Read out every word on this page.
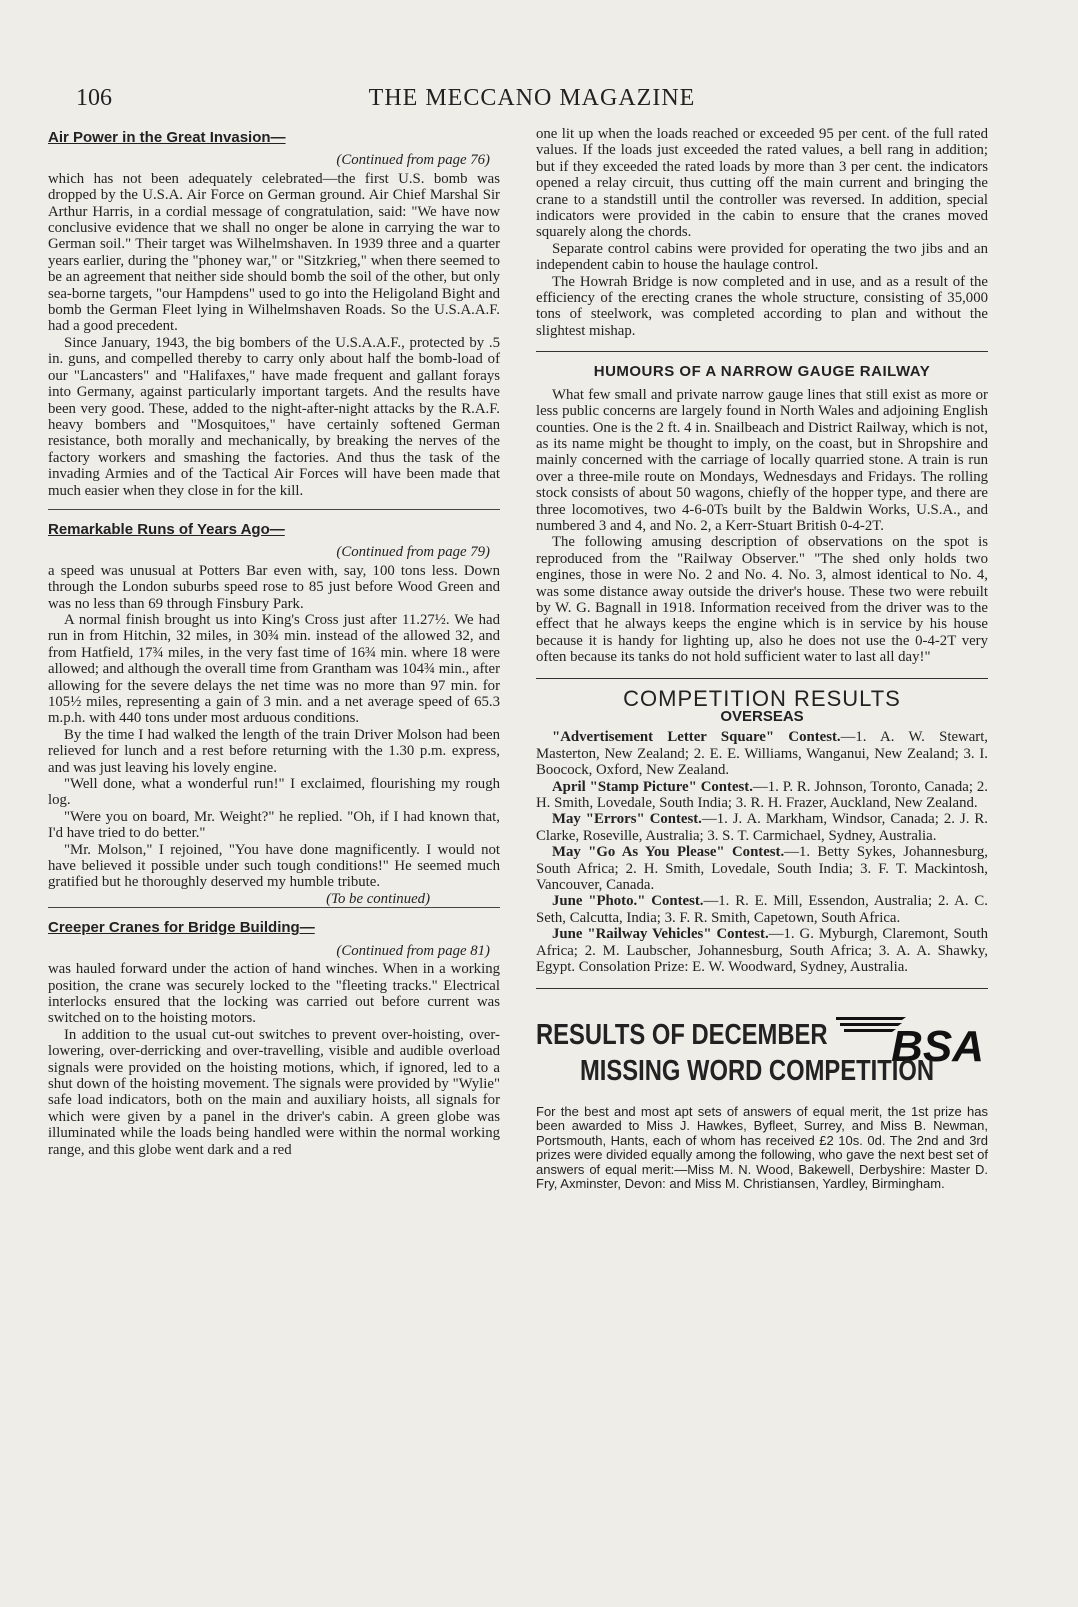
106	THE MECCANO MAGAZINE
Air Power in the Great Invasion—
(Continued from page 76)

which has not been adequately celebrated—the first U.S. bomb was dropped by the U.S.A. Air Force on German ground. Air Chief Marshal Sir Arthur Harris, in a cordial message of congratulation, said: "We have now conclusive evidence that we shall no onger be alone in carrying the war to German soil." Their target was Wilhelmshaven. In 1939 three and a quarter years earlier, during the "phoney war," or "Sitzkrieg," when there seemed to be an agreement that neither side should bomb the soil of the other, but only sea-borne targets, "our Hampdens" used to go into the Heligoland Bight and bomb the German Fleet lying in Wilhelmshaven Roads. So the U.S.A.A.F. had a good precedent.

Since January, 1943, the big bombers of the U.S.A.A.F., protected by .5 in. guns, and compelled thereby to carry only about half the bomb-load of our "Lancasters" and "Halifaxes," have made frequent and gallant forays into Germany, against particularly important targets. And the results have been very good. These, added to the night-after-night attacks by the R.A.F. heavy bombers and "Mosquitoes," have certainly softened German resistance, both morally and mechanically, by breaking the nerves of the factory workers and smashing the factories. And thus the task of the invading Armies and of the Tactical Air Forces will have been made that much easier when they close in for the kill.

Remarkable Runs of Years Ago—
(Continued from page 79)

a speed was unusual at Potters Bar even with, say, 100 tons less. Down through the London suburbs speed rose to 85 just before Wood Green and was no less than 69 through Finsbury Park.

A normal finish brought us into King's Cross just after 11.27½. We had run in from Hitchin, 32 miles, in 30¾ min. instead of the allowed 32, and from Hatfield, 17¾ miles, in the very fast time of 16¾ min. where 18 were allowed; and although the overall time from Grantham was 104¾ min., after allowing for the severe delays the net time was no more than 97 min. for 105½ miles, representing a gain of 3 min. and a net average speed of 65.3 m.p.h. with 440 tons under most arduous conditions.

By the time I had walked the length of the train Driver Molson had been relieved for lunch and a rest before returning with the 1.30 p.m. express, and was just leaving his lovely engine.

"Well done, what a wonderful run!" I exclaimed, flourishing my rough log.

"Were you on board, Mr. Weight?" he replied. "Oh, if I had known that, I'd have tried to do better."

"Mr. Molson," I rejoined, "You have done magnificently. I would not have believed it possible under such tough conditions!" He seemed much gratified but he thoroughly deserved my humble tribute.
(To be continued)

Creeper Cranes for Bridge Building—
(Continued from page 81)

was hauled forward under the action of hand winches. When in a working position, the crane was securely locked to the "fleeting tracks." Electrical interlocks ensured that the locking was carried out before current was switched on to the hoisting motors.

In addition to the usual cut-out switches to prevent over-hoisting, over-lowering, over-derricking and over-travelling, visible and audible overload signals were provided on the hoisting motions, which, if ignored, led to a shut down of the hoisting movement. The signals were provided by "Wylie" safe load indicators, both on the main and auxiliary hoists, all signals for which were given by a panel in the driver's cabin. A green globe was illuminated while the loads being handled were within the normal working range, and this globe went dark and a red

one lit up when the loads reached or exceeded 95 per cent. of the full rated values. If the loads just exceeded the rated values, a bell rang in addition; but if they exceeded the rated loads by more than 3 per cent. the indicators opened a relay circuit, thus cutting off the main current and bringing the crane to a standstill until the controller was reversed. In addition, special indicators were provided in the cabin to ensure that the cranes moved squarely along the chords.

Separate control cabins were provided for operating the two jibs and an independent cabin to house the haulage control.

The Howrah Bridge is now completed and in use, and as a result of the efficiency of the erecting cranes the whole structure, consisting of 35,000 tons of steelwork, was completed according to plan and without the slightest mishap.

HUMOURS OF A NARROW GAUGE RAILWAY

What few small and private narrow gauge lines that still exist as more or less public concerns are largely found in North Wales and adjoining English counties. One is the 2 ft. 4 in. Snailbeach and District Railway, which is not, as its name might be thought to imply, on the coast, but in Shropshire and mainly concerned with the carriage of locally quarried stone. A train is run over a three-mile route on Mondays, Wednesdays and Fridays. The rolling stock consists of about 50 wagons, chiefly of the hopper type, and there are three locomotives, two 4-6-0Ts built by the Baldwin Works, U.S.A., and numbered 3 and 4, and No. 2, a Kerr-Stuart British 0-4-2T.

The following amusing description of observations on the spot is reproduced from the "Railway Observer." "The shed only holds two engines, those in were No. 2 and No. 4. No. 3, almost identical to No. 4, was some distance away outside the driver's house. These two were rebuilt by W. G. Bagnall in 1918. Information received from the driver was to the effect that he always keeps the engine which is in service by his house because it is handy for lighting up, also he does not use the 0-4-2T very often because its tanks do not hold sufficient water to last all day!"

COMPETITION RESULTS
OVERSEAS

"Advertisement Letter Square" Contest.—1. A. W. Stewart, Masterton, New Zealand; 2. E. E. Williams, Wanganui, New Zealand; 3. I. Boocock, Oxford, New Zealand.

April "Stamp Picture" Contest.—1. P. R. Johnson, Toronto, Canada; 2. H. Smith, Lovedale, South India; 3. R. H. Frazer, Auckland, New Zealand.

May "Errors" Contest.—1. J. A. Markham, Windsor, Canada; 2. J. R. Clarke, Roseville, Australia; 3. S. T. Carmichael, Sydney, Australia.

May "Go As You Please" Contest.—1. Betty Sykes, Johannesburg, South Africa; 2. H. Smith, Lovedale, South India; 3. F. T. Mackintosh, Vancouver, Canada.

June "Photo." Contest.—1. R. E. Mill, Essendon, Australia; 2. A. C. Seth, Calcutta, India; 3. F. R. Smith, Capetown, South Africa.

June "Railway Vehicles" Contest.—1. G. Myburgh, Claremont, South Africa; 2. M. Laubscher, Johannesburg, South Africa; 3. A. A. Shawky, Egypt. Consolation Prize: E. W. Woodward, Sydney, Australia.

RESULTS OF DECEMBER BSA
MISSING WORD COMPETITION
For the best and most apt sets of answers of equal merit, the 1st prize has been awarded to Miss J. Hawkes, Byfleet, Surrey, and Miss B. Newman, Portsmouth, Hants, each of whom has received £2 10s. 0d. The 2nd and 3rd prizes were divided equally among the following, who gave the next best set of answers of equal merit:—Miss M. N. Wood, Bakewell, Derbyshire: Master D. Fry, Axminster, Devon: and Miss M. Christiansen, Yardley, Birmingham.
